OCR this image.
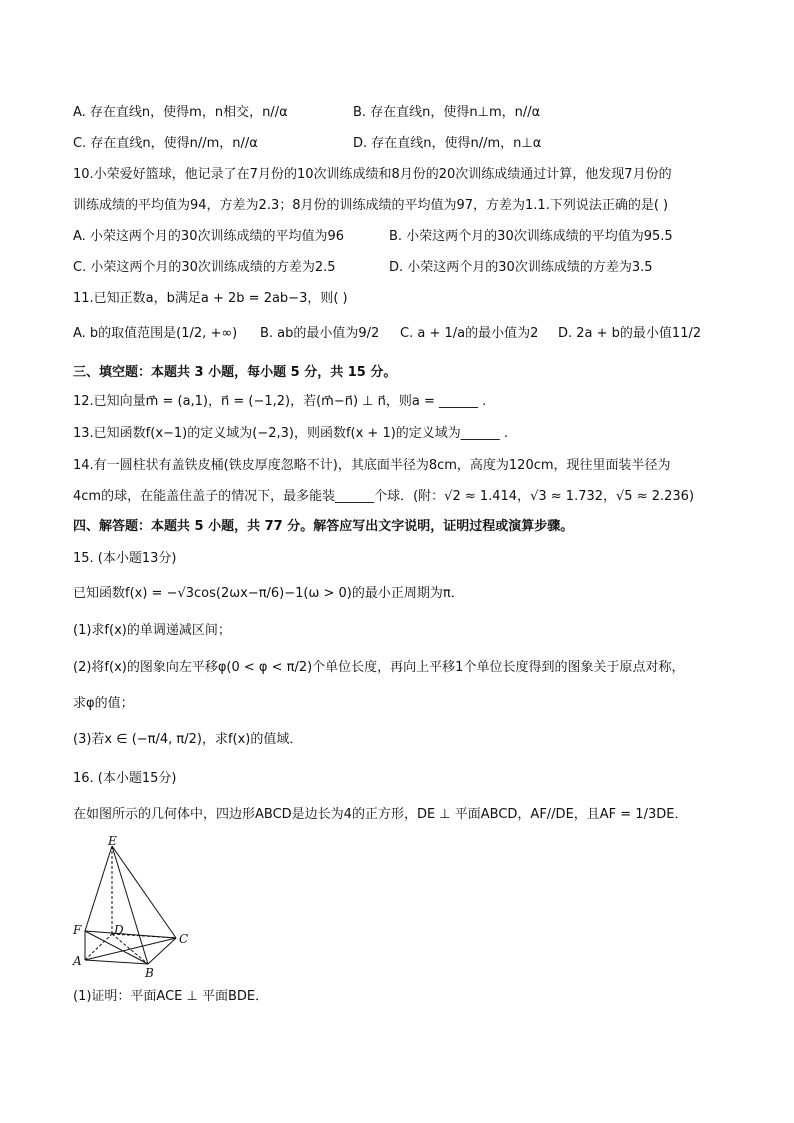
A. 存在直线n，使得m，n相交，n//α	B. 存在直线n，使得n⊥m，n//α
C. 存在直线n，使得n//m，n//α	D. 存在直线n，使得n//m，n⊥α
10.小荣爱好篮球，他记录了在7月份的10次训练成绩和8月份的20次训练成绩通过计算，他发现7月份的
训练成绩的平均值为94，方差为2.3；8月份的训练成绩的平均值为97，方差为1.1.下列说法正确的是( )
A. 小荣这两个月的30次训练成绩的平均值为96	B. 小荣这两个月的30次训练成绩的平均值为95.5
C. 小荣这两个月的30次训练成绩的方差为2.5	D. 小荣这两个月的30次训练成绩的方差为3.5
11.已知正数a，b满足a + 2b = 2ab−3，则( )
A. b的取值范围是(1/2, +∞) B. ab的最小值为9/2 C. a + 1/a的最小值为2 D. 2a + b的最小值11/2
三、填空题：本题共 3 小题，每小题 5 分，共 15 分。
12.已知向量m⃗ = (a,1)，n⃗ = (−1,2)，若(m⃗−n⃗) ⊥ n⃗，则a = ______ .
13.已知函数f(x−1)的定义域为(−2,3)，则函数f(x + 1)的定义域为______ .
14.有一圆柱状有盖铁皮桶(铁皮厚度忽略不计)，其底面半径为8cm，高度为120cm，现往里面装半径为
4cm的球，在能盖住盖子的情况下，最多能装______个球．(附：√2 ≈ 1.414，√3 ≈ 1.732，√5 ≈ 2.236)
四、解答题：本题共 5 小题，共 77 分。解答应写出文字说明，证明过程或演算步骤。
15. (本小题13分)
已知函数f(x) = −√3cos(2ωx−π/6)−1(ω > 0)的最小正周期为π．
(1)求f(x)的单调递减区间；
(2)将f(x)的图象向左平移φ(0 < φ < π/2)个单位长度，再向上平移1个单位长度得到的图象关于原点对称，
求φ的值；
(3)若x ∈ (−π/4, π/2)，求f(x)的值域．
16. (本小题15分)
在如图所示的几何体中，四边形ABCD是边长为4的正方形，DE ⊥ 平面ABCD，AF//DE，且AF = 1/3DE．
E
F	D
C
A
B
(1)证明：平面ACE ⊥ 平面BDE．
